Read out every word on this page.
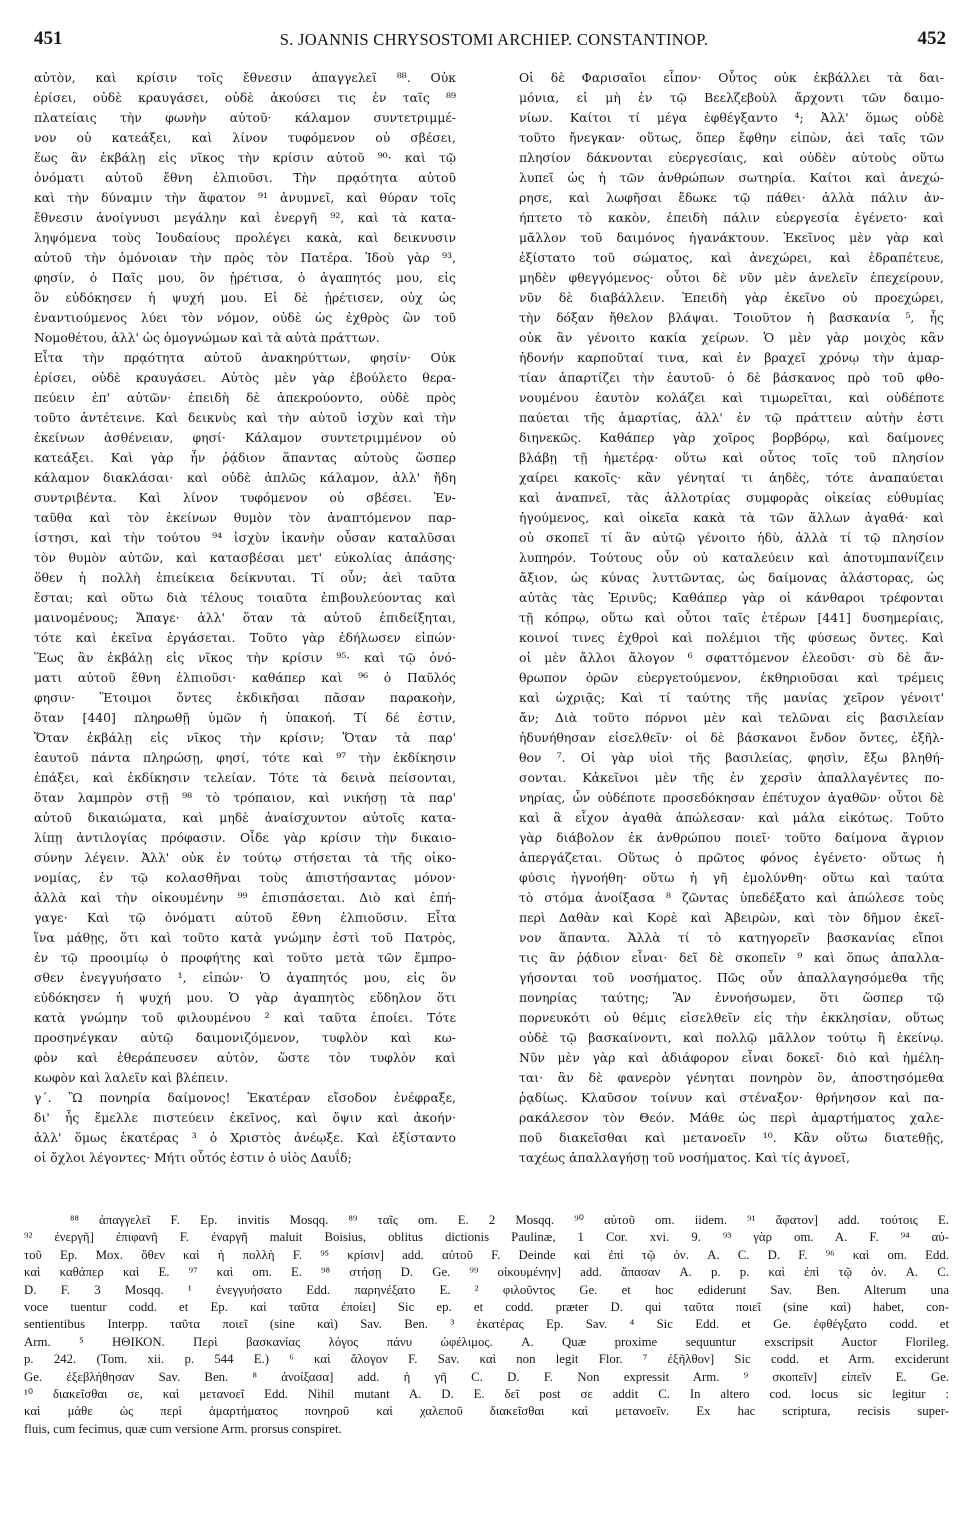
451	S. JOANNIS CHRYSOSTOMI ARCHIEP. CONSTANTINOP.	452
αὐτὸν, καὶ κρίσιν τοῖς ἔθνεσιν ἀπαγγελεῖ ⁸⁸. Οὐκ
ἐρίσει, οὐδὲ κραυγάσει, οὐδὲ ἀκούσει τις ἐν ταῖς ⁸⁹
πλατείαις τὴν φωνὴν αὐτοῦ· κάλαμον συντετριμμέ-
νον οὐ κατεάξει, καὶ λίνον τυφόμενον οὐ σβέσει,
ἕως ἂν ἐκβάλῃ εἰς νῖκος τὴν κρίσιν αὐτοῦ ⁹⁰· καὶ τῷ
ὀνόματι αὐτοῦ ἔθνη ἐλπιοῦσι. Τὴν πρᾳότητα αὐτοῦ
καὶ τὴν δύναμιν τὴν ἄφατον ⁹¹ ἀνυμνεῖ, καὶ θύραν τοῖς
ἔθνεσιν ἀνοίγνυσι μεγάλην καὶ ἐνεργῆ ⁹², καὶ τὰ κατα-
ληψόμενα τοὺς Ἰουδαίους προλέγει κακὰ, καὶ δεικνυσιν
αὐτοῦ τὴν ὁμόνοιαν τὴν πρὸς τὸν Πατέρα. Ἰδοὺ γὰρ ⁹³,
φησίν, ὁ Παῖς μου, ὃν ᾑρέτισα, ὁ ἀγαπητός μου, εἰς
ὃν εὐδόκησεν ἡ ψυχή μου. Εἰ δὲ ᾑρέτισεν, οὐχ ὡς
ἐναντιούμενος λύει τὸν νόμον, οὐδὲ ὡς ἐχθρὸς ὢν τοῦ
Νομοθέτου, ἀλλ' ὡς ὁμογνώμων καὶ τὰ αὐτὰ πράττων.
Εἶτα τὴν πρᾳότητα αὐτοῦ ἀνακηρύττων, φησίν· Οὐκ
ἐρίσει, οὐδὲ κραυγάσει. Αὐτὸς μὲν γὰρ ἐβούλετο θερα-
πεύειν ἐπ' αὐτῶν· ἐπειδὴ δὲ ἀπεκρούοντο, οὐδὲ πρὸς
τοῦτο ἀντέτεινε. Καὶ δεικνὺς καὶ τὴν αὐτοῦ ἰσχὺν καὶ τὴν
ἐκείνων ἀσθένειαν, φησί· Κάλαμον συντετριμμένον οὐ
κατεάξει. Καὶ γὰρ ἦν ῥᾴδιον ἅπαντας αὐτοὺς ὥσπερ
κάλαμον διακλάσαι· καὶ οὐδὲ ἁπλῶς κάλαμον, ἀλλ' ἤδη
συντριβέντα. Καὶ λίνον τυφόμενον οὐ σβέσει. Ἐν-
ταῦθα καὶ τὸν ἐκείνων θυμὸν τὸν ἀναπτόμενον παρ-
ίστησι, καὶ τὴν τούτου ⁹⁴ ἰσχὺν ἱκανὴν οὖσαν καταλῦσαι
τὸν θυμὸν αὐτῶν, καὶ κατασβέσαι μετ' εὐκολίας ἁπάσης·
ὅθεν ἡ πολλὴ ἐπιείκεια δείκνυται. Τί οὖν; ἀεὶ ταῦτα
ἔσται; καὶ οὕτω διὰ τέλους τοιαῦτα ἐπιβουλεύοντας καὶ
μαινομένους; Ἄπαγε· ἀλλ' ὅταν τὰ αὐτοῦ ἐπιδείξηται,
τότε καὶ ἐκεῖνα ἐργάσεται. Τοῦτο γὰρ ἐδήλωσεν εἰπών·
Ἕως ἂν ἐκβάλῃ εἰς νῖκος τὴν κρίσιν ⁹⁵· καὶ τῷ ὀνό-
ματι αὐτοῦ ἔθνη ἐλπιοῦσι· καθάπερ καὶ ⁹⁶ ὁ Παῦλός
φησιν· Ἕτοιμοι ὄντες ἐκδικῆσαι πᾶσαν παρακοὴν,
ὅταν [440] πληρωθῇ ὑμῶν ἡ ὑπακοή. Τί δέ ἐστιν,
Ὅταν ἐκβάλῃ εἰς νῖκος τὴν κρίσιν; Ὅταν τὰ παρ'
ἑαυτοῦ πάντα πληρώσῃ, φησί, τότε καὶ ⁹⁷ τὴν ἐκδίκησιν
ἐπάξει, καὶ ἐκδίκησιν τελείαν. Τότε τὰ δεινὰ πείσονται,
ὅταν λαμπρὸν στῇ ⁹⁸ τὸ τρόπαιον, καὶ νικήσῃ τὰ παρ'
αὐτοῦ δικαιώματα, καὶ μηδὲ ἀναίσχυντον αὐτοῖς κατα-
λίπῃ ἀντιλογίας πρόφασιν. Οἶδε γὰρ κρίσιν τὴν δικαιο-
σύνην λέγειν. Ἀλλ' οὐκ ἐν τούτῳ στήσεται τὰ τῆς οἰκο-
νομίας, ἐν τῷ κολασθῆναι τοὺς ἀπιστήσαντας μόνον·
ἀλλὰ καὶ τὴν οἰκουμένην ⁹⁹ ἐπισπάσεται. Διὸ καὶ ἐπή-
γαγε· Καὶ τῷ ὀνόματι αὐτοῦ ἔθνη ἐλπιοῦσιν. Εἶτα
ἵνα μάθῃς, ὅτι καὶ τοῦτο κατὰ γνώμην ἐστὶ τοῦ Πατρὸς,
ἐν τῷ προοιμίῳ ὁ προφήτης καὶ τοῦτο μετὰ τῶν ἔμπρο-
σθεν ἐνεγγυήσατο ¹, εἰπών· Ὁ ἀγαπητός μου, εἰς ὃν
εὐδόκησεν ἡ ψυχή μου. Ὁ γὰρ ἀγαπητὸς εὔδηλον ὅτι
κατὰ γνώμην τοῦ φιλουμένου ² καὶ ταῦτα ἐποίει. Τότε
προσηνέγκαν αὐτῷ δαιμονιζόμενον, τυφλὸν καὶ κω-
φὸν καὶ ἐθεράπευσεν αὐτὸν, ὥστε τὸν τυφλὸν καὶ
κωφὸν καὶ λαλεῖν καὶ βλέπειν.
γ΄. Ὢ πονηρία δαίμονος! Ἑκατέραν εἴσοδον ἐνέφραξε,
δι' ἧς ἔμελλε πιστεύειν ἐκεῖνος, καὶ ὄψιν καὶ ἀκοήν·
ἀλλ' ὅμως ἑκατέρας ³ ὁ Χριστὸς ἀνέῳξε. Καὶ ἐξίσταντο
οἱ ὄχλοι λέγοντες· Μήτι οὗτός ἐστιν ὁ υἱὸς Δαυΐδ;
Οἱ δὲ Φαρισαῖοι εἶπον· Οὗτος οὐκ ἐκβάλλει τὰ δαι-
μόνια, εἰ μὴ ἐν τῷ Βεελζεβοὺλ ἄρχοντι τῶν δαιμο-
νίων. Καίτοι τί μέγα ἐφθέγξαντο ⁴; Ἀλλ' ὅμως οὐδὲ
τοῦτο ἤνεγκαν· οὕτως, ὅπερ ἔφθην εἰπὼν, ἀεὶ ταῖς τῶν
πλησίον δάκνονται εὐεργεσίαις, καὶ οὐδὲν αὐτοὺς οὕτω
λυπεῖ ὡς ἡ τῶν ἀνθρώπων σωτηρία. Καίτοι καὶ ἀνεχώ-
ρησε, καὶ λωφῆσαι ἔδωκε τῷ πάθει· ἀλλὰ πάλιν ἀν-
ήπτετο τὸ κακὸν, ἐπειδὴ πάλιν εὐεργεσία ἐγένετο· καὶ
μᾶλλον τοῦ δαιμόνος ἠγανάκτουν. Ἐκεῖνος μὲν γὰρ καὶ
ἐξίστατο τοῦ σώματος, καὶ ἀνεχώρει, καὶ ἐδραπέτευε,
μηδὲν φθεγγόμενος· οὗτοι δὲ νῦν μὲν ἀνελεῖν ἐπεχείρουν,
νῦν δὲ διαβάλλειν. Ἐπειδὴ γὰρ ἐκεῖνο οὐ προεχώρει,
τὴν δόξαν ἤθελον βλάψαι. Τοιοῦτον ἡ βασκανία ⁵, ἧς
οὐκ ἂν γένοιτο κακία χείρων. Ὁ μὲν γὰρ μοιχὸς κἂν
ἡδονήν καρποῦταί τινα, καὶ ἐν βραχεῖ χρόνῳ τὴν ἁμαρ-
τίαν ἀπαρτίζει τὴν ἑαυτοῦ· ὁ δὲ βάσκανος πρὸ τοῦ φθο-
νουμένου ἑαυτὸν κολάζει καὶ τιμωρεῖται, καὶ οὐδέποτε
παύεται τῆς ἁμαρτίας, ἀλλ' ἐν τῷ πράττειν αὐτὴν ἐστι
διηνεκῶς. Καθάπερ γὰρ χοῖρος βορβόρῳ, καὶ δαίμονες
βλάβῃ τῇ ἡμετέρᾳ· οὕτω καὶ οὗτος τοῖς τοῦ πλησίον
χαίρει κακοῖς· κἂν γένηταί τι ἀηδὲς, τότε ἀναπαύεται
καὶ ἀναπνεῖ, τὰς ἀλλοτρίας συμφορὰς οἰκείας εὐθυμίας
ἡγούμενος, καὶ οἰκεῖα κακὰ τὰ τῶν ἄλλων ἀγαθά· καὶ
οὐ σκοπεῖ τί ἂν αὐτῷ γένοιτο ἡδὺ, ἀλλὰ τί τῷ πλησίον
λυπηρόν. Τούτους οὖν οὐ καταλεύειν καὶ ἀποτυμπανίζειν
ἄξιον, ὡς κύνας λυττῶντας, ὡς δαίμονας ἀλάστορας, ὡς
αὐτὰς τὰς Ἐρινῦς; Καθάπερ γὰρ οἱ κάνθαροι τρέφονται
τῇ κόπρῳ, οὕτω καὶ οὗτοι ταῖς ἑτέρων [441] δυσημερίαις,
κοινοί τινες ἐχθροὶ καὶ πολέμιοι τῆς φύσεως ὄντες. Καὶ
οἱ μὲν ἄλλοι ἄλογον ⁶ σφαττόμενον ἐλεοῦσι· σὺ δὲ ἄν-
θρωπον ὁρῶν εὐεργετούμενον, ἐκθηριοῦσαι καὶ τρέμεις
καὶ ὠχριᾷς; Καὶ τί ταύτης τῆς μανίας χεῖρον γένοιτ'
ἄν; Διὰ τοῦτο πόρνοι μὲν καὶ τελῶναι εἰς βασιλείαν
ἠδυνήθησαν εἰσελθεῖν· οἱ δὲ βάσκανοι ἔνδον ὄντες, ἐξῆλ-
θον ⁷. Οἱ γὰρ υἱοὶ τῆς βασιλείας, φησὶν, ἔξω βληθή-
σονται. Κἀκεῖνοι μὲν τῆς ἐν χερσὶν ἀπαλλαγέντες πο-
νηρίας, ὧν οὐδέποτε προσεδόκησαν ἐπέτυχον ἀγαθῶν· οὗτοι δὲ
καὶ ἃ εἶχον ἀγαθὰ ἀπώλεσαν· καὶ μάλα εἰκότως. Τοῦτο
γὰρ διάβολον ἐκ ἀνθρώπου ποιεῖ· τοῦτο δαίμονα ἄγριον
ἀπεργάζεται. Οὕτως ὁ πρῶτος φόνος ἐγένετο· οὕτως ἡ
φύσις ἠγνοήθη· οὕτω ἡ γῆ ἐμολύνθη· οὕτω καὶ ταύτα
τὸ στόμα ἀνοίξασα ⁸ ζῶντας ὑπεδέξατο καὶ ἀπώλεσε τοὺς
περὶ Δαθὰν καὶ Κορὲ καὶ Ἀβειρὼν, καὶ τὸν δῆμον ἐκεῖ-
νον ἅπαντα. Ἀλλὰ τί τὸ κατηγορεῖν βασκανίας εἴποι
τις ἂν ῥᾴδιον εἶναι· δεῖ δὲ σκοπεῖν ⁹ καὶ ὅπως ἀπαλλα-
γήσονται τοῦ νοσήματος. Πῶς οὖν ἀπαλλαγησόμεθα τῆς
πονηρίας ταύτης; Ἂν ἐννοήσωμεν, ὅτι ὥσπερ τῷ
πορνευκότι οὐ θέμις εἰσελθεῖν εἰς τὴν ἐκκλησίαν, οὕτως
οὐδὲ τῷ βασκαίνοντι, καὶ πολλῷ μᾶλλον τούτῳ ἢ ἐκείνῳ.
Νῦν μὲν γὰρ καὶ ἀδιάφορον εἶναι δοκεῖ· διὸ καὶ ἠμέλη-
ται· ἂν δὲ φανερὸν γένηται πονηρὸν ὂν, ἀποστησόμεθα
ῥᾳδίως. Κλαῦσον τοίνυν καὶ στέναξον· θρήνησον καὶ πα-
ρακάλεσον τὸν Θεόν. Μάθε ὡς περὶ ἁμαρτήματος χαλε-
ποῦ διακεῖσθαι καὶ μετανοεῖν ¹⁰. Κἂν οὕτω διατεθῇς,
ταχέως ἀπαλλαγήσῃ τοῦ νοσήματος. Καὶ τίς ἀγνοεῖ,
⁸⁸ ἀπαγγελεῖ F. Ep. invitis Mosqq. ⁸⁹ ταῖς om. E. 2 Mosqq. ⁹⁰ αὐτοῦ om. iidem. ⁹¹ ἄφατον] add. τούτοις E.
⁹² ἐνεργῆ] ἐπιφανῆ F. ἐναργῆ maluit Boisius, oblitus dictionis Paulinæ, 1 Cor. xvi. 9. ⁹³ γὰρ om. A. F. ⁹⁴ αὐ-
τοῦ Ep. Mox. ὅθεν καὶ ἡ πολλὴ F. ⁹⁵ κρίσιν] add. αὐτοῦ F. Deinde καὶ ἐπὶ τῷ ὀν. A. C. D. F. ⁹⁶ καὶ om. Edd.
καὶ καθάπερ καὶ E. ⁹⁷ καὶ om. E. ⁹⁸ στήσῃ D. Ge. ⁹⁹ οἰκουμένην] add. ἅπασαν A. p. p. καὶ ἐπὶ τῷ ὀν. A. C.
D. F. 3 Mosqq. ¹ ἐνεγγυήσατο Edd. παρηνέξατο E. ² φιλοῦντος Ge. et hoc ediderunt Sav. Ben. Alterum una
voce tuentur codd. et Ep. καὶ ταῦτα ἐποίει] Sic ep. et codd. præter D. qui ταῦτα ποιεῖ (sine καὶ) habet, con-
sentientibus Interpp. ταῦτα ποιεῖ (sine καὶ) Sav. Ben. ³ ἑκατέρας Ep. Sav. ⁴ Sic Edd. et Ge. ἐφθέγξατο codd. et
Arm. ⁵ ΗΘΙΚΟΝ. Περὶ βασκανίας λόγος πάνυ ὠφέλιμος. A. Quæ proxime sequuntur exscripsit Auctor Florileg.
p. 242. (Tom. xii. p. 544 E.) ⁶ καὶ ἄλογον F. Sav. καὶ non legit Flor. ⁷ ἐξῆλθον] Sic codd. et Arm. exciderunt
Ge. ἐξεβλήθησαν Sav. Ben. ⁸ ἀνοίξασα] add. ἡ γῆ C. D. F. Non expressit Arm. ⁹ σκοπεῖν] εἰπεῖν E. Ge.
¹⁰ διακεῖσθαι σε, καὶ μετανοεῖ Edd. Nihil mutant A. D. E. δεῖ post σε addit C. In altero cod. locus sic legitur :
καὶ μάθε ὡς περὶ ἁμαρτήματος πονηροῦ καὶ χαλεποῦ διακεῖσθαι καὶ μετανοεῖν. Ex hac scriptura, recisis super-
fluis, cum fecimus, quæ cum versione Arm. prorsus conspiret.
